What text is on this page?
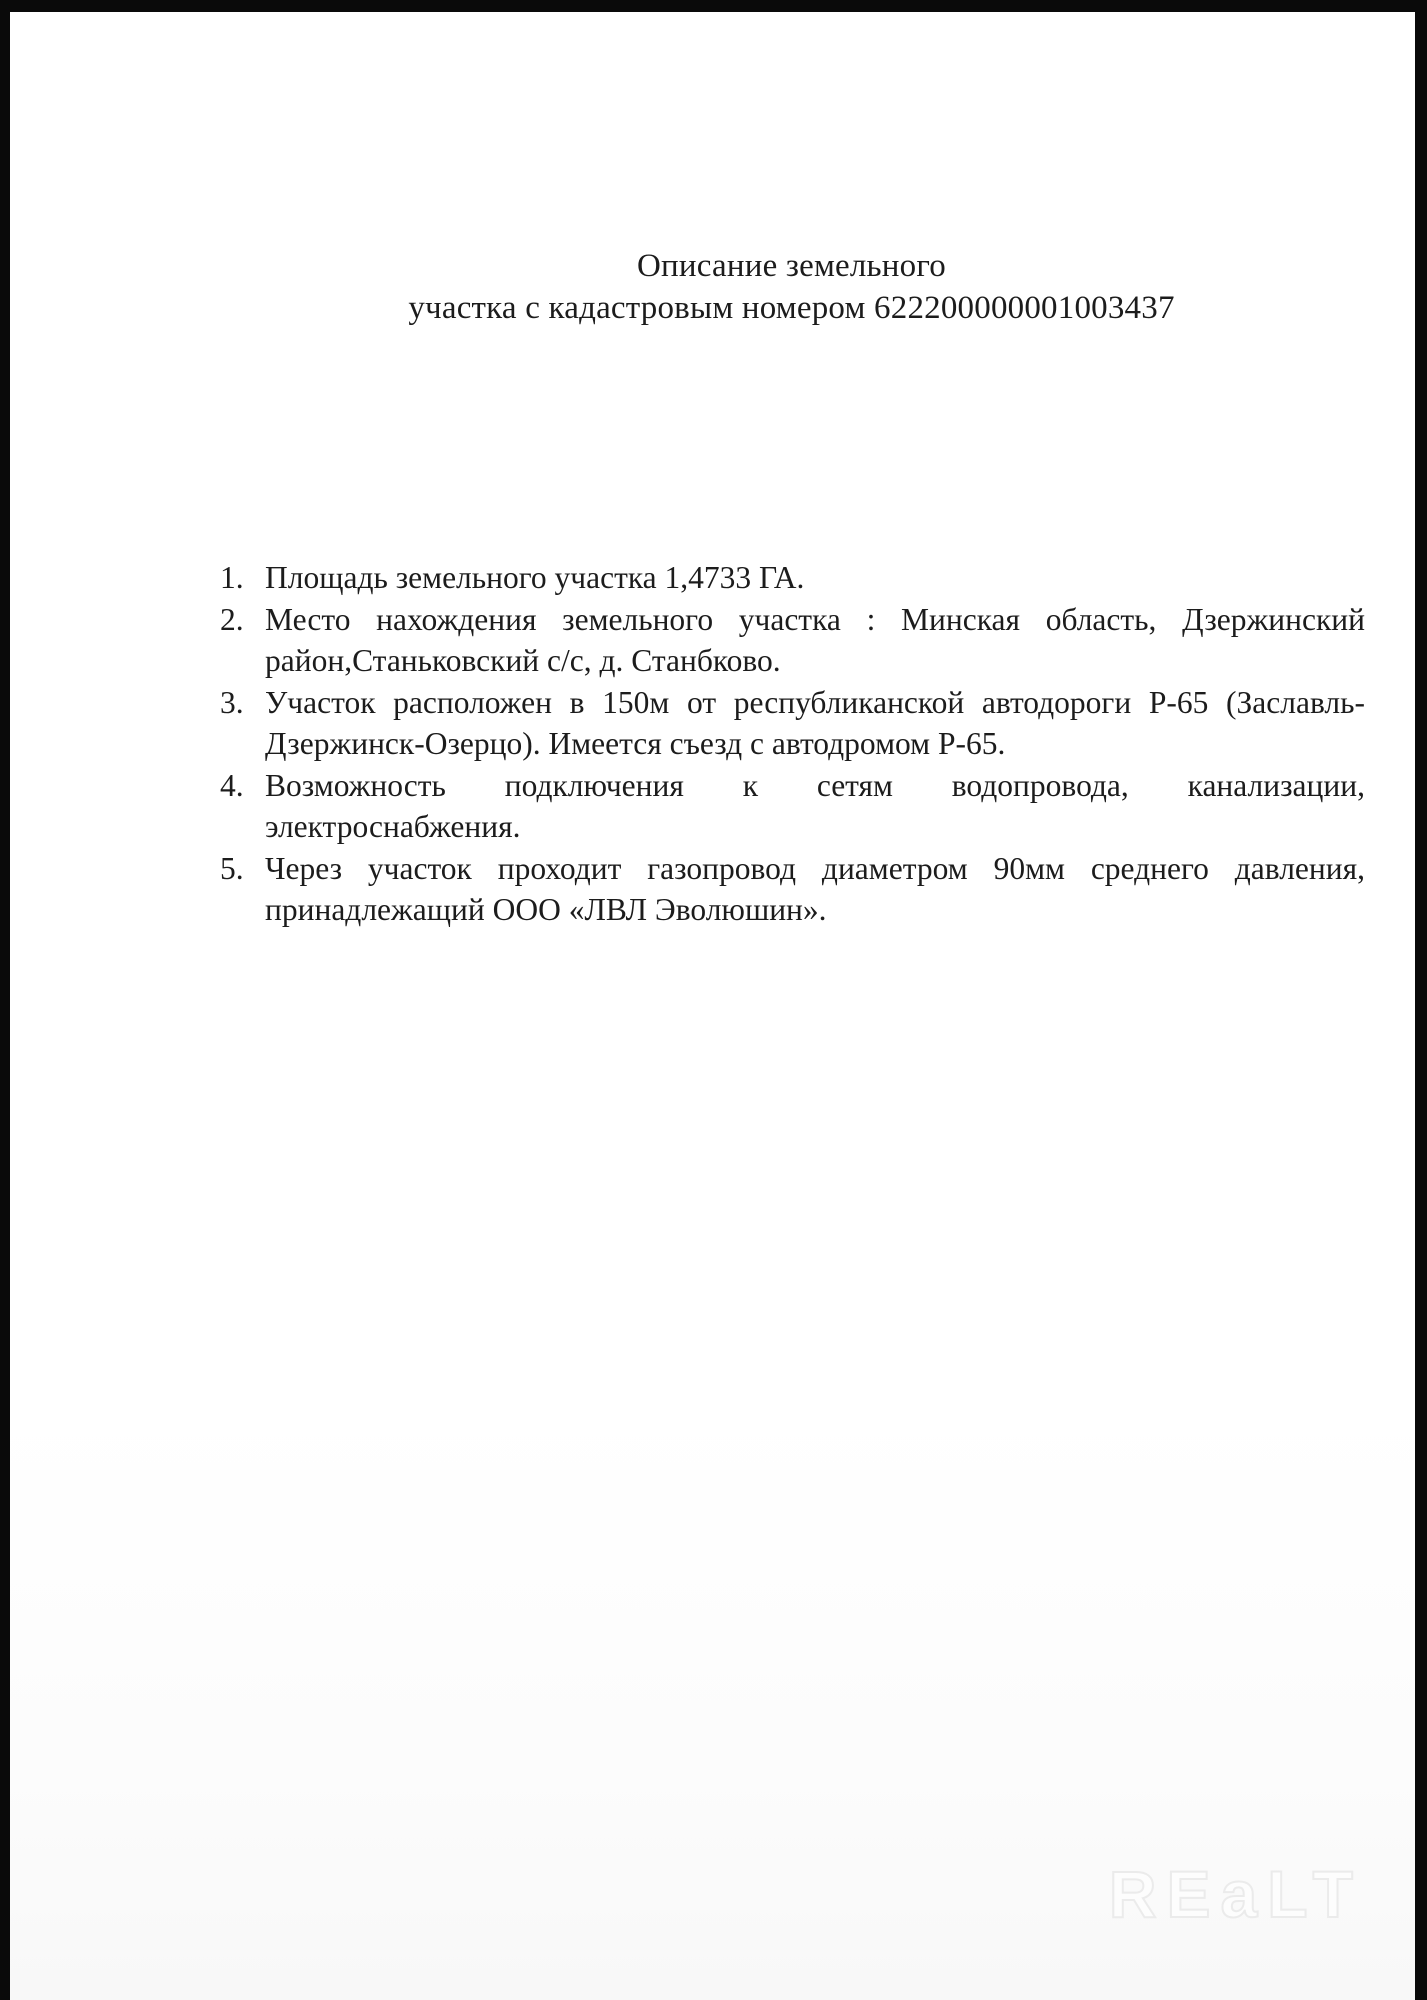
Описание земельного
участка с кадастровым номером 622200000001003437
1. Площадь земельного участка 1,4733 ГА.
2. Место нахождения земельного участка : Минская область, Дзержинский район,Станьковский с/с, д. Станбково.
3. Участок расположен в 150м от республиканской автодороги Р-65 (Заславль-Дзержинск-Озерцо). Имеется съезд с автодромом Р-65.
4. Возможность подключения к сетям водопровода, канализации, электроснабжения.
5. Через участок проходит газопровод диаметром 90мм среднего давления, принадлежащий ООО «ЛВЛ Эволюшин».
REaLT
